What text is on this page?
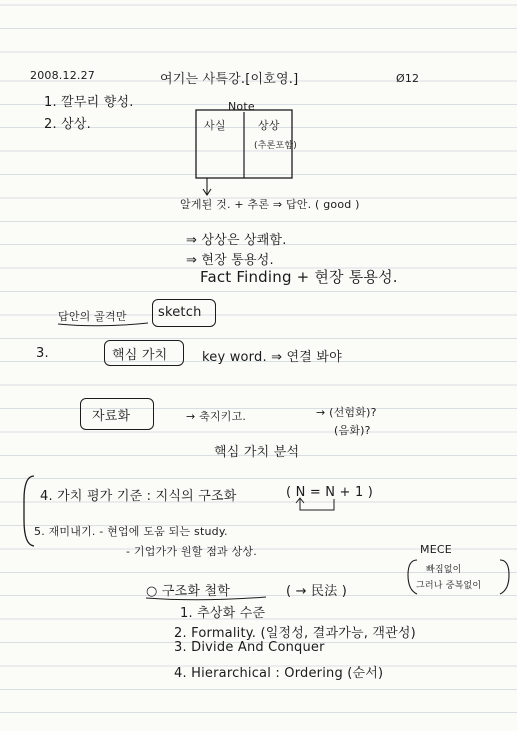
2008.12.27	여기는 사특강.[이호영.]	Ø12
1. 깔무리 향성.
2. 상상.
Note
사실	상상
(추론포함)
알게된 것. + 추론 ⇒ 답안. ( good )
⇒ 상상은 상쾌함.
⇒ 현장 통용성.
Fact Finding + 현장 통용성.
답안의 골격만 sketch
3.	핵심 가치	key word. ⇒ 연결 봐야
자료화	→ 축지키고.	→ (선험화)?
(음화)?
핵심 가치 분석
4. 가치 평가 기준 : 지식의 구조화	( N = N + 1 )
5. 재미내기. - 현업에 도움 되는 study.
- 기업가가 원할 점과 상상.	MECE
빠짐없이
그러나 중복없이
○ 구조화 철학	( → 民法 )
1. 추상화 수준
2. Formality. (일정성, 결과가능, 객관성)
3. Divide And Conquer
4. Hierarchical : Ordering (순서)
